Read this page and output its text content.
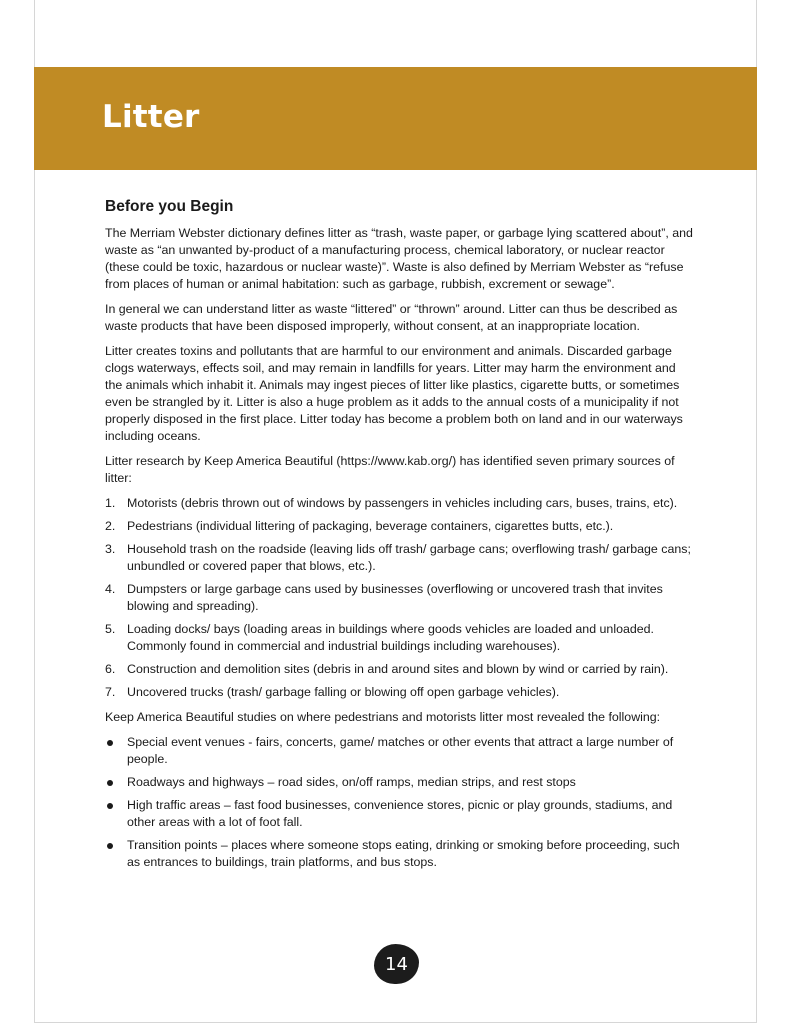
Litter
Before you Begin

The Merriam Webster dictionary defines litter as “trash, waste paper, or garbage lying scattered about”, and waste as “an unwanted by-product of a manufacturing process, chemical laboratory, or nuclear reactor (these could be toxic, hazardous or nuclear waste)”. Waste is also defined by Merriam Webster as “refuse from places of human or animal habitation: such as garbage, rubbish, excrement or sewage”.

In general we can understand litter as waste “littered” or “thrown” around. Litter can thus be described as waste products that have been disposed improperly, without consent, at an inappropriate location.

Litter creates toxins and pollutants that are harmful to our environment and animals. Discarded garbage clogs waterways, effects soil, and may remain in landfills for years. Litter may harm the environment and the animals which inhabit it. Animals may ingest pieces of litter like plastics, cigarette butts, or sometimes even be strangled by it. Litter is also a huge problem as it adds to the annual costs of a municipality if not properly disposed in the first place. Litter today has become a problem both on land and in our waterways including oceans.

Litter research by Keep America Beautiful (https://www.kab.org/) has identified seven primary sources of litter:

1. Motorists (debris thrown out of windows by passengers in vehicles including cars, buses, trains, etc).
2. Pedestrians (individual littering of packaging, beverage containers, cigarettes butts, etc.).
3. Household trash on the roadside (leaving lids off trash/ garbage cans; overflowing trash/ garbage cans; unbundled or covered paper that blows, etc.).
4. Dumpsters or large garbage cans used by businesses (overflowing or uncovered trash that invites blowing and spreading).
5. Loading docks/ bays (loading areas in buildings where goods vehicles are loaded and unloaded. Commonly found in commercial and industrial buildings including warehouses).
6. Construction and demolition sites (debris in and around sites and blown by wind or carried by rain).
7. Uncovered trucks (trash/ garbage falling or blowing off open garbage vehicles).

Keep America Beautiful studies on where pedestrians and motorists litter most revealed the following:

Special event venues - fairs, concerts, game/ matches or other events that attract a large number of people.
Roadways and highways – road sides, on/off ramps, median strips, and rest stops
High traffic areas – fast food businesses, convenience stores, picnic or play grounds, stadiums, and other areas with a lot of foot fall.
Transition points – places where someone stops eating, drinking or smoking before proceeding, such as entrances to buildings, train platforms, and bus stops.
14
